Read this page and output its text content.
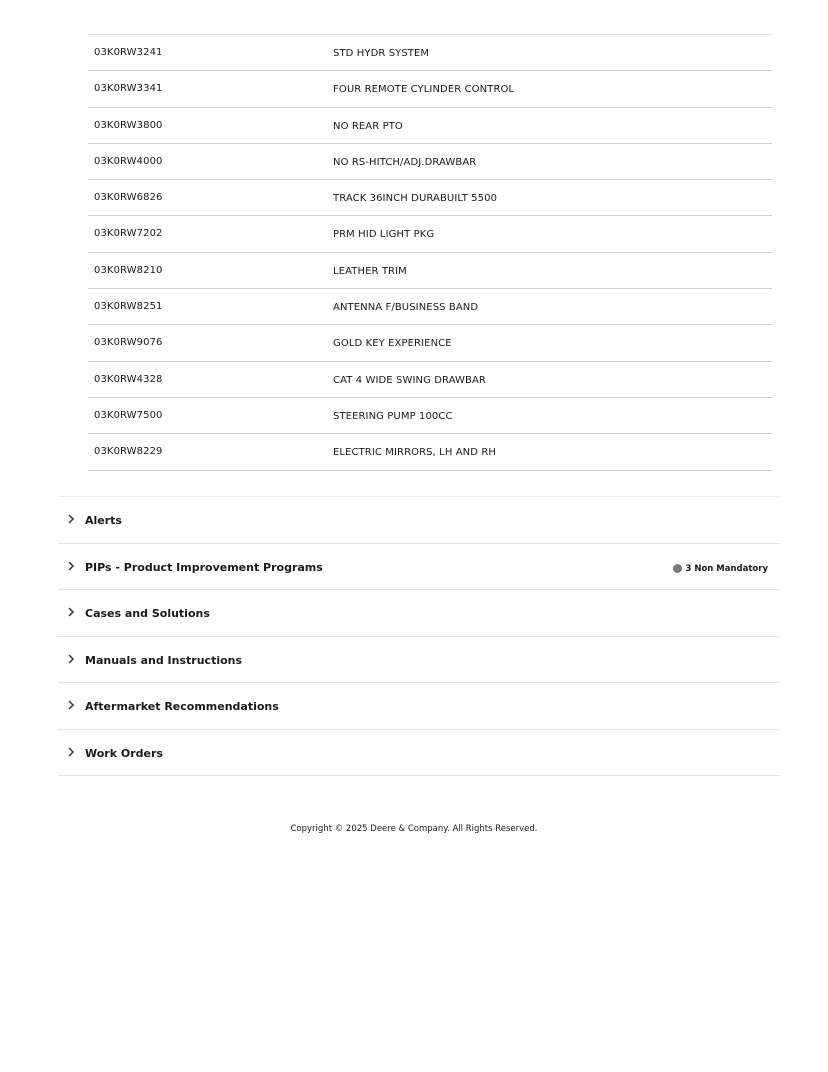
03K0RW3241	STD HYDR SYSTEM
03K0RW3341	FOUR REMOTE CYLINDER CONTROL
03K0RW3800	NO REAR PTO
03K0RW4000	NO RS-HITCH/ADJ.DRAWBAR
03K0RW6826	TRACK 36INCH DURABUILT 5500
03K0RW7202	PRM HID LIGHT PKG
03K0RW8210	LEATHER TRIM
03K0RW8251	ANTENNA F/BUSINESS BAND
03K0RW9076	GOLD KEY EXPERIENCE
03K0RW4328	CAT 4 WIDE SWING DRAWBAR
03K0RW7500	STEERING PUMP 100CC
03K0RW8229	ELECTRIC MIRRORS, LH AND RH
Alerts
PIPs - Product Improvement Programs	3 Non Mandatory
Cases and Solutions
Manuals and Instructions
Aftermarket Recommendations
Work Orders
Copyright © 2025 Deere & Company. All Rights Reserved.
